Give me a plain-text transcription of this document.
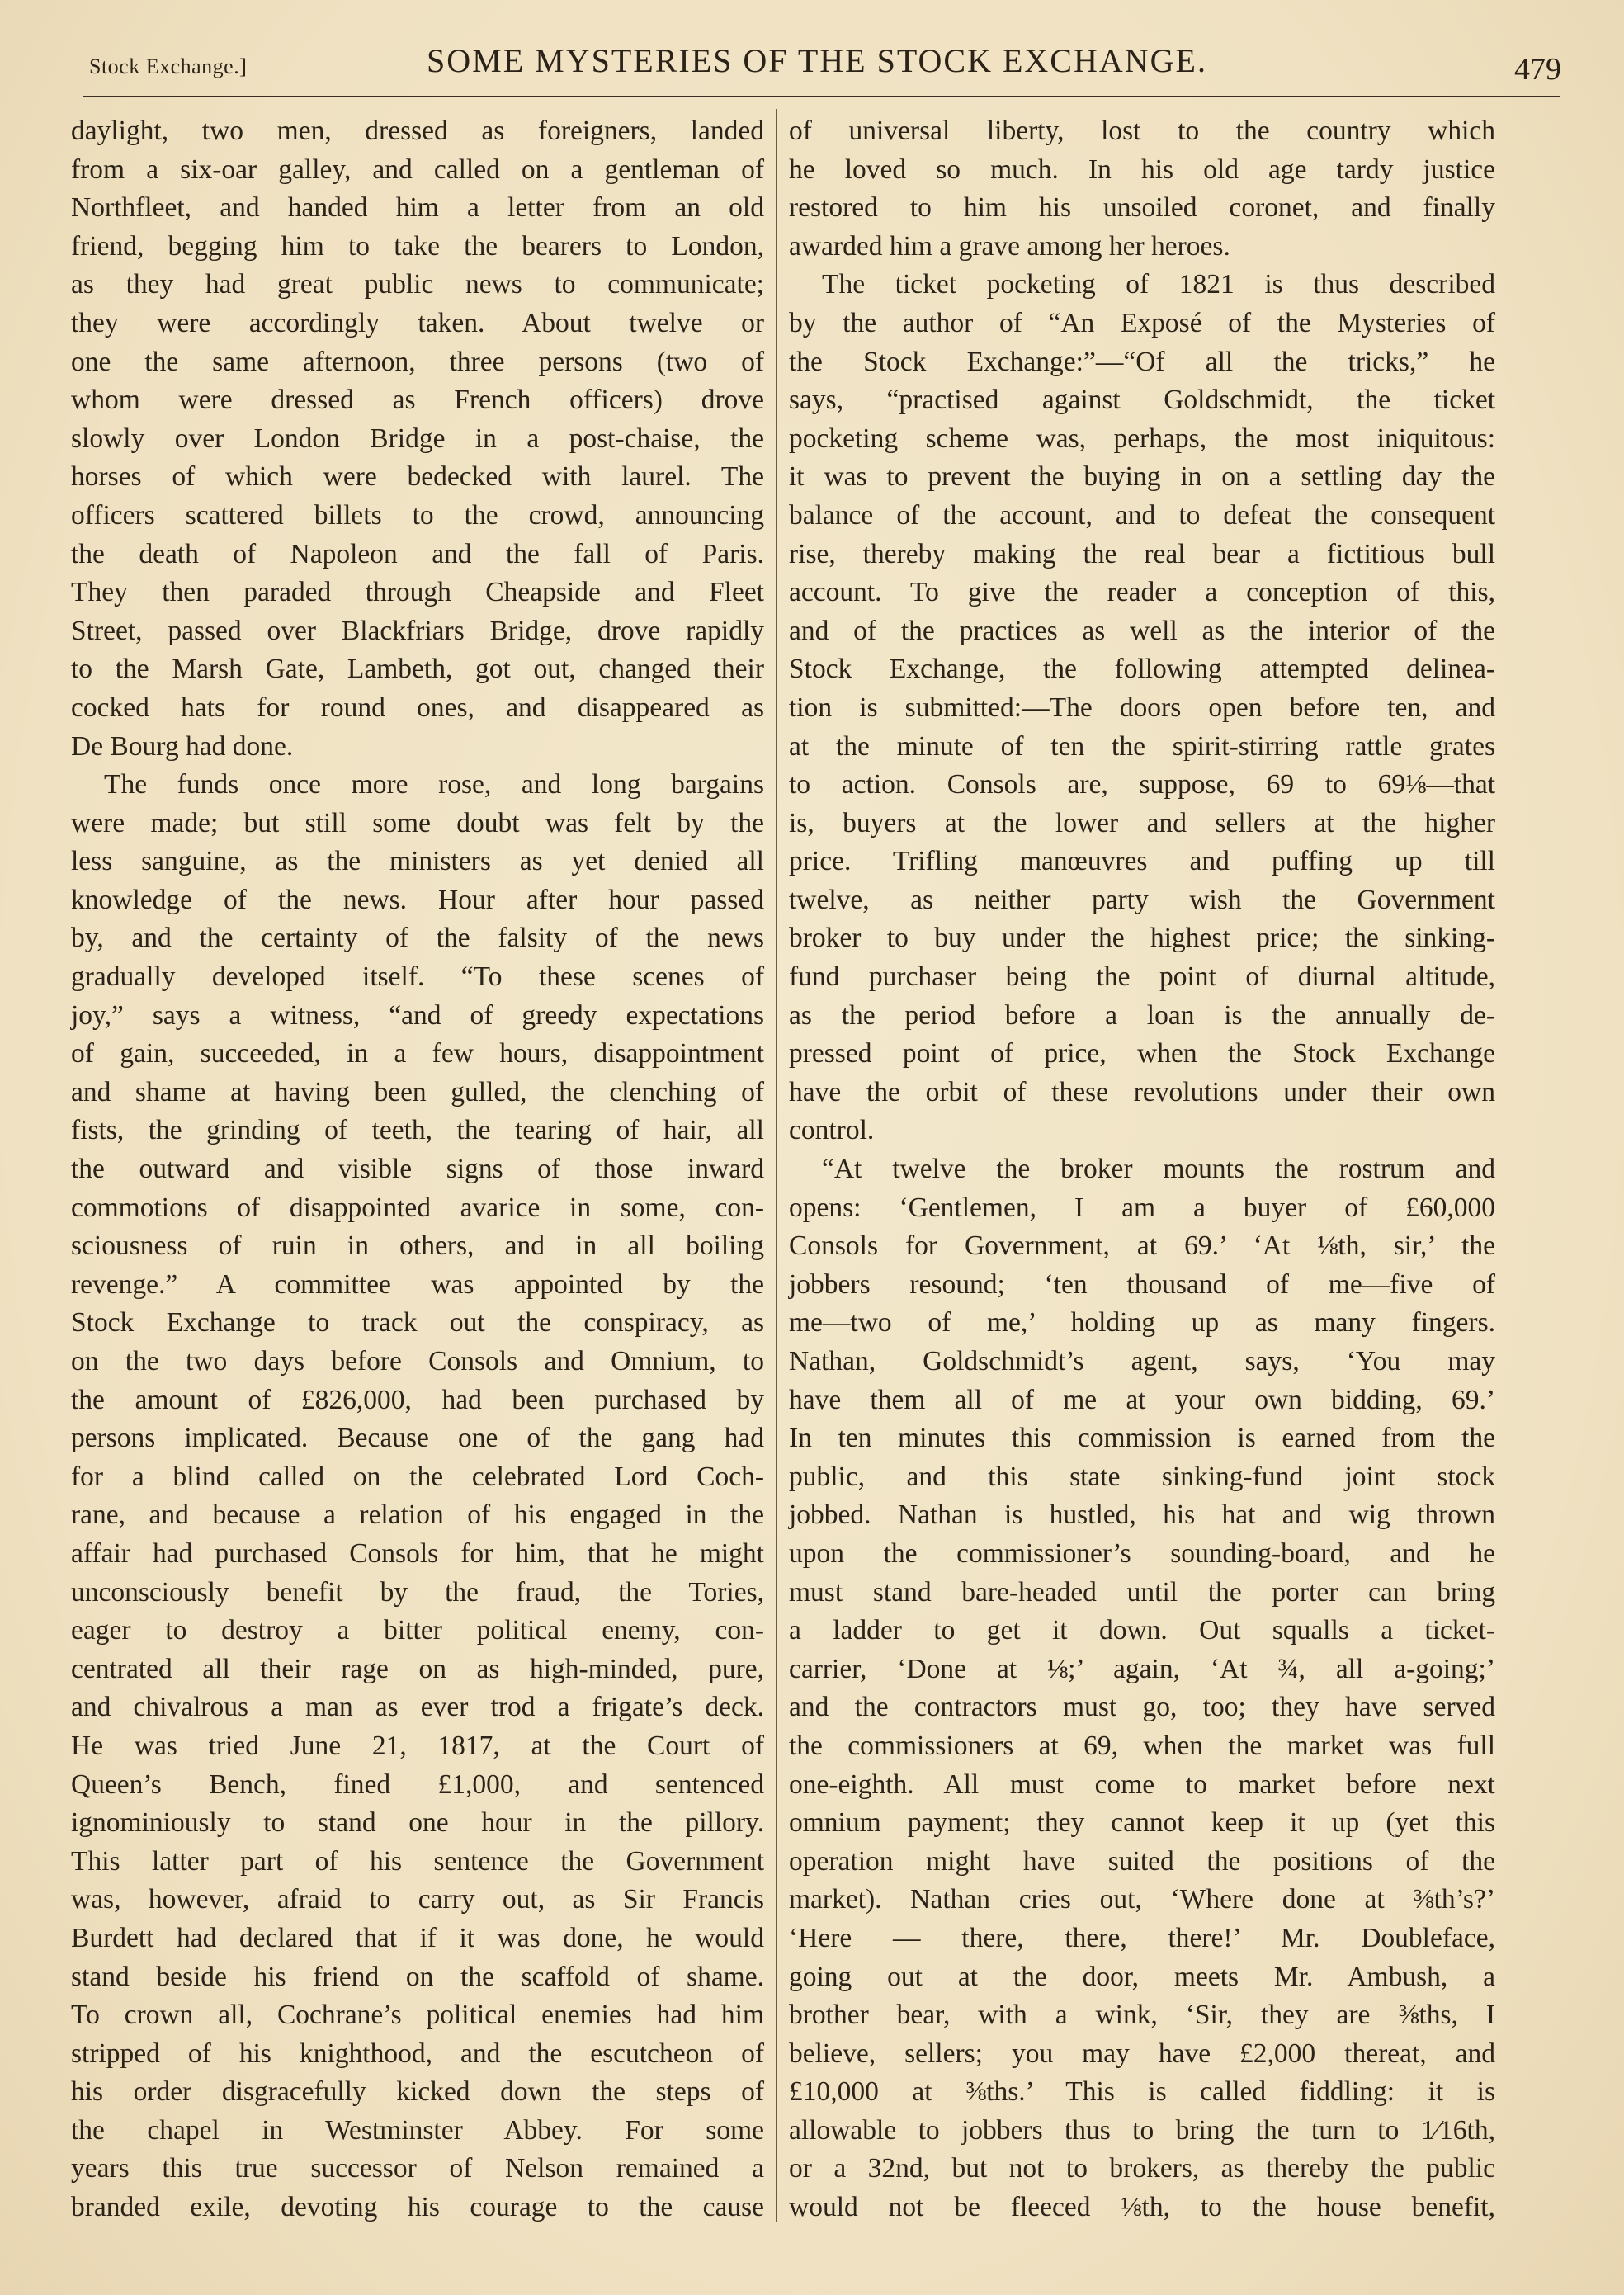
Stock Exchange.]	SOME MYSTERIES OF THE STOCK EXCHANGE.	479
daylight, two men, dressed as foreigners, landed
from a six-oar galley, and called on a gentleman of
Northfleet, and handed him a letter from an old
friend, begging him to take the bearers to London,
as they had great public news to communicate;
they were accordingly taken. About twelve or
one the same afternoon, three persons (two of
whom were dressed as French officers) drove
slowly over London Bridge in a post-chaise, the
horses of which were bedecked with laurel. The
officers scattered billets to the crowd, announcing
the death of Napoleon and the fall of Paris.
They then paraded through Cheapside and Fleet
Street, passed over Blackfriars Bridge, drove rapidly
to the Marsh Gate, Lambeth, got out, changed their
cocked hats for round ones, and disappeared as
De Bourg had done.
The funds once more rose, and long bargains
were made; but still some doubt was felt by the
less sanguine, as the ministers as yet denied all
knowledge of the news. Hour after hour passed
by, and the certainty of the falsity of the news
gradually developed itself. “To these scenes of
joy,” says a witness, “and of greedy expectations
of gain, succeeded, in a few hours, disappointment
and shame at having been gulled, the clenching of
fists, the grinding of teeth, the tearing of hair, all
the outward and visible signs of those inward
commotions of disappointed avarice in some, con-
sciousness of ruin in others, and in all boiling
revenge.” A committee was appointed by the
Stock Exchange to track out the conspiracy, as
on the two days before Consols and Omnium, to
the amount of £826,000, had been purchased by
persons implicated. Because one of the gang had
for a blind called on the celebrated Lord Coch-
rane, and because a relation of his engaged in the
affair had purchased Consols for him, that he might
unconsciously benefit by the fraud, the Tories,
eager to destroy a bitter political enemy, con-
centrated all their rage on as high-minded, pure,
and chivalrous a man as ever trod a frigate’s deck.
He was tried June 21, 1817, at the Court of
Queen’s Bench, fined £1,000, and sentenced
ignominiously to stand one hour in the pillory.
This latter part of his sentence the Government
was, however, afraid to carry out, as Sir Francis
Burdett had declared that if it was done, he would
stand beside his friend on the scaffold of shame.
To crown all, Cochrane’s political enemies had him
stripped of his knighthood, and the escutcheon of
his order disgracefully kicked down the steps of
the chapel in Westminster Abbey. For some
years this true successor of Nelson remained a
branded exile, devoting his courage to the cause
of universal liberty, lost to the country which
he loved so much. In his old age tardy justice
restored to him his unsoiled coronet, and finally
awarded him a grave among her heroes.
The ticket pocketing of 1821 is thus described
by the author of “An Exposé of the Mysteries of
the Stock Exchange:”—“Of all the tricks,” he
says, “practised against Goldschmidt, the ticket
pocketing scheme was, perhaps, the most iniquitous:
it was to prevent the buying in on a settling day the
balance of the account, and to defeat the consequent
rise, thereby making the real bear a fictitious bull
account. To give the reader a conception of this,
and of the practices as well as the interior of the
Stock Exchange, the following attempted delinea-
tion is submitted:—The doors open before ten, and
at the minute of ten the spirit-stirring rattle grates
to action. Consols are, suppose, 69 to 69⅛—that
is, buyers at the lower and sellers at the higher
price. Trifling manœuvres and puffing up till
twelve, as neither party wish the Government
broker to buy under the highest price; the sinking-
fund purchaser being the point of diurnal altitude,
as the period before a loan is the annually de-
pressed point of price, when the Stock Exchange
have the orbit of these revolutions under their own
control.
“At twelve the broker mounts the rostrum and
opens: ‘Gentlemen, I am a buyer of £60,000
Consols for Government, at 69.’ ‘At ⅛th, sir,’ the
jobbers resound; ‘ten thousand of me—five of
me—two of me,’ holding up as many fingers.
Nathan, Goldschmidt’s agent, says, ‘You may
have them all of me at your own bidding, 69.’
In ten minutes this commission is earned from the
public, and this state sinking-fund joint stock
jobbed. Nathan is hustled, his hat and wig thrown
upon the commissioner’s sounding-board, and he
must stand bare-headed until the porter can bring
a ladder to get it down. Out squalls a ticket-
carrier, ‘Done at ⅛;’ again, ‘At ¾, all a-going;’
and the contractors must go, too; they have served
the commissioners at 69, when the market was full
one-eighth. All must come to market before next
omnium payment; they cannot keep it up (yet this
operation might have suited the positions of the
market). Nathan cries out, ‘Where done at ⅜th’s?’
‘Here — there, there, there!’ Mr. Doubleface,
going out at the door, meets Mr. Ambush, a
brother bear, with a wink, ‘Sir, they are ⅜ths, I
believe, sellers; you may have £2,000 thereat, and
£10,000 at ⅜ths.’ This is called fiddling: it is
allowable to jobbers thus to bring the turn to 1⁄16th,
or a 32nd, but not to brokers, as thereby the public
would not be fleeced ⅛th, to the house benefit,
